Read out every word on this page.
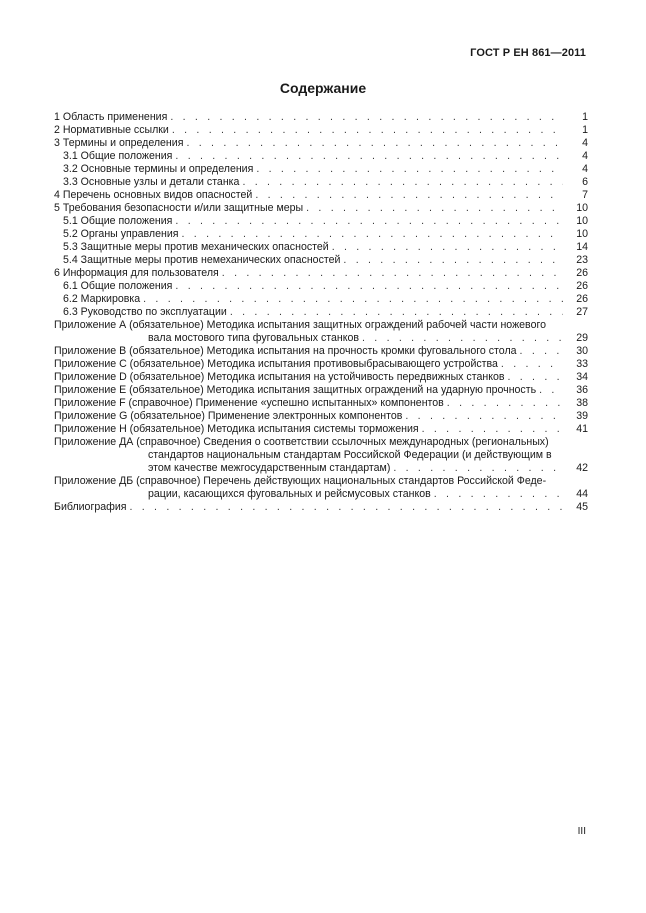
ГОСТ Р ЕН 861—2011
Содержание
1 Область применения . . .	1
2 Нормативные ссылки . . .	1
3 Термины и определения . . .	4
3.1 Общие положения . . .	4
3.2 Основные термины и определения . . .	4
3.3 Основные узлы и детали станка . . .	6
4 Перечень основных видов опасностей . . .	7
5 Требования безопасности и/или защитные меры . . .	10
5.1 Общие положения . . .	10
5.2 Органы управления . . .	10
5.3 Защитные меры против механических опасностей . . .	14
5.4 Защитные меры против немеханических опасностей . . .	23
6 Информация для пользователя . . .	26
6.1 Общие положения . . .	26
6.2 Маркировка . . .	26
6.3 Руководство по эксплуатации . . .	27
Приложение А (обязательное) Методика испытания защитных ограждений рабочей части ножевого
вала мостового типа фуговальных станков . . .	29
Приложение В (обязательное) Методика испытания на прочность кромки фуговального стола . . .	30
Приложение С (обязательное) Методика испытания противовыбрасывающего устройства . . .	33
Приложение D (обязательное) Методика испытания на устойчивость передвижных станков . . .	34
Приложение Е (обязательное) Методика испытания защитных ограждений на ударную прочность . . .	36
Приложение F (справочное) Применение «успешно испытанных» компонентов . . .	38
Приложение G (обязательное) Применение электронных компонентов . . .	39
Приложение Н (обязательное) Методика испытания системы торможения . . .	41
Приложение ДА (справочное) Сведения о соответствии ссылочных международных (региональных)
стандартов национальным стандартам Российской Федерации (и действующим в
этом качестве межгосударственным стандартам) . . .	42
Приложение ДБ (справочное) Перечень действующих национальных стандартов Российской Феде-
рации, касающихся фуговальных и рейсмусовых станков . . .	44
Библиография . . .	45
III
